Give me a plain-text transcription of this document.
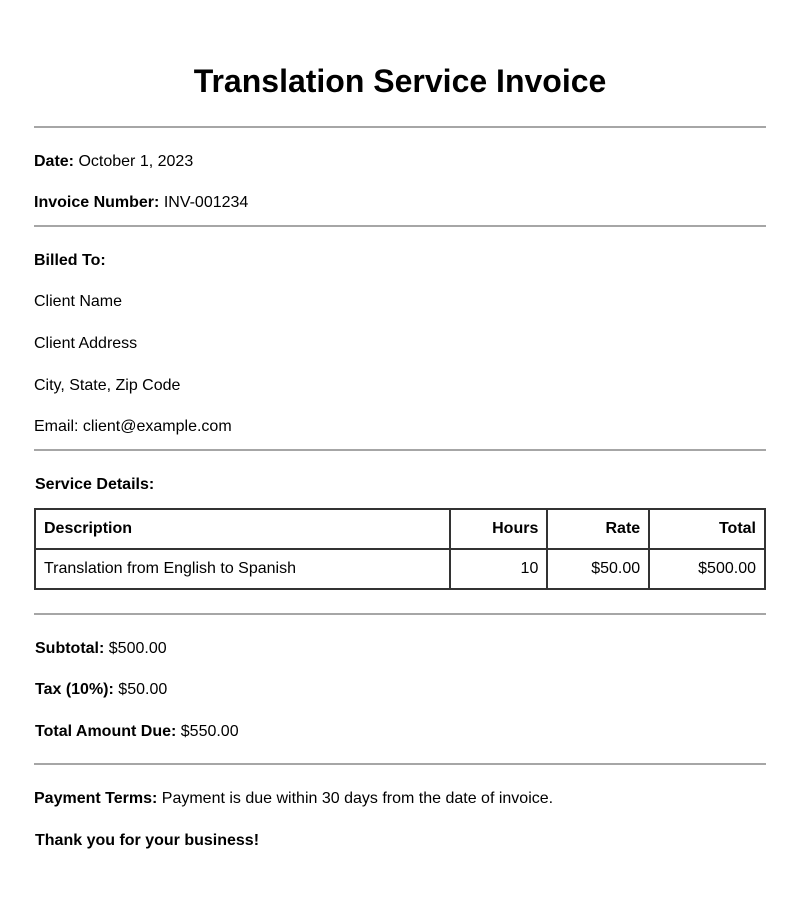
Translation Service Invoice

Date: October 1, 2023

Invoice Number: INV-001234

Billed To:

Client Name

Client Address

City, State, Zip Code

Email: client@example.com

Service Details:

Description	Hours	Rate	Total
Translation from English to Spanish	10	$50.00	$500.00

Subtotal: $500.00

Tax (10%): $50.00

Total Amount Due: $550.00

Payment Terms: Payment is due within 30 days from the date of invoice.

Thank you for your business!
